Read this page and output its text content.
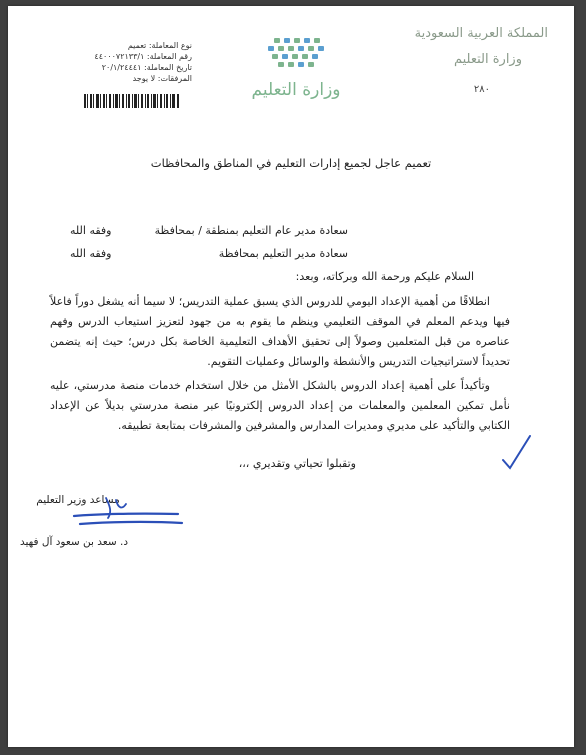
المملكة العربية السعودية
وزارة التعليم
٢٨٠
وزارة التعليم
نوع المعاملة: تعميم
رقم المعاملة: ٤٤٠٠٠٧٢١٣٣/١
تاريخ المعاملة: ٢٠/١/٢٤٤٤١
المرفقات: لا يوجد
تعميم عاجل لجميع إدارات التعليم في المناطق والمحافظات
سعادة مدير عام التعليم بمنطقة / بمحافظة
وفقه الله
سعادة مدير التعليم بمحافظة
وفقه الله
السلام عليكم ورحمة الله وبركاته، وبعد:
انطلاقًا من أهمية الإعداد اليومي للدروس الذي يسبق عملية التدريس؛ لا سيما أنه يشغل دوراً فاعلاً فيها ويدعم المعلم في الموقف التعليمي وينظم ما يقوم به من جهود لتعزيز استيعاب الدرس وفهم عناصره من قبل المتعلمين وصولاً إلى تحقيق الأهداف التعليمية الخاصة بكل درس؛ حيث إنه يتضمن تحديداً لاستراتيجيات التدريس والأنشطة والوسائل وعمليات التقويم.
وتأكيداً على أهمية إعداد الدروس بالشكل الأمثل من خلال استخدام خدمات منصة مدرستي، عليه نأمل تمكين المعلمين والمعلمات من إعداد الدروس إلكترونيًا عبر منصة مدرستي بديلاً عن الإعداد الكتابي والتأكيد على مديري ومديرات المدارس والمشرفين والمشرفات بمتابعة تطبيقه.
وتقبلوا تحياتي وتقديري ،،،
مساعد وزير التعليم
د. سعد بن سعود آل فهيد
